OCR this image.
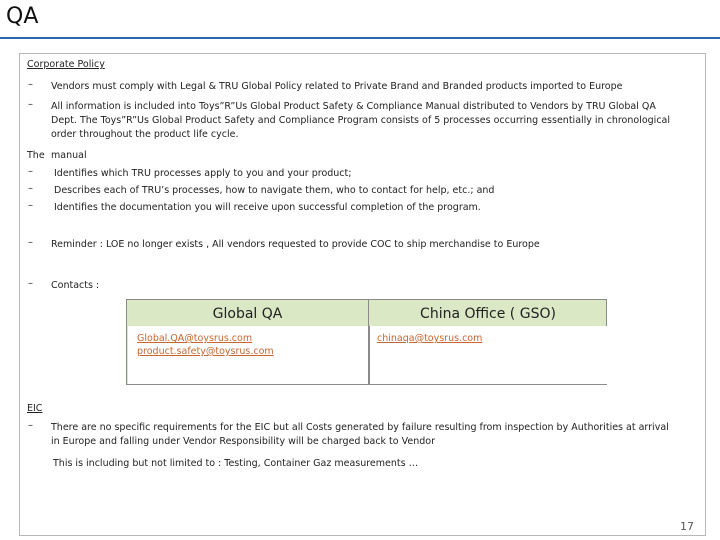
QA
Corporate Policy
– Vendors must comply with Legal & TRU Global Policy related to Private Brand and Branded products imported to Europe
– All information is included into Toys”R”Us Global Product Safety & Compliance Manual distributed to Vendors by TRU Global QA
Dept. The Toys”R”Us Global Product Safety and Compliance Program consists of 5 processes occurring essentially in chronological
order throughout the product life cycle.
The manual
– Identifies which TRU processes apply to you and your product;
– Describes each of TRU’s processes, how to navigate them, who to contact for help, etc.; and
– Identifies the documentation you will receive upon successful completion of the program.
– Reminder : LOE no longer exists , All vendors requested to provide COC to ship merchandise to Europe
– Contacts :
Global QA	China Office ( GSO)
Global.QA@toysrus.com
product.safety@toysrus.com
chinaqa@toysrus.com
EIC
– There are no specific requirements for the EIC but all Costs generated by failure resulting from inspection by Authorities at arrival
in Europe and falling under Vendor Responsibility will be charged back to Vendor
This is including but not limited to : Testing, Container Gaz measurements …
17
